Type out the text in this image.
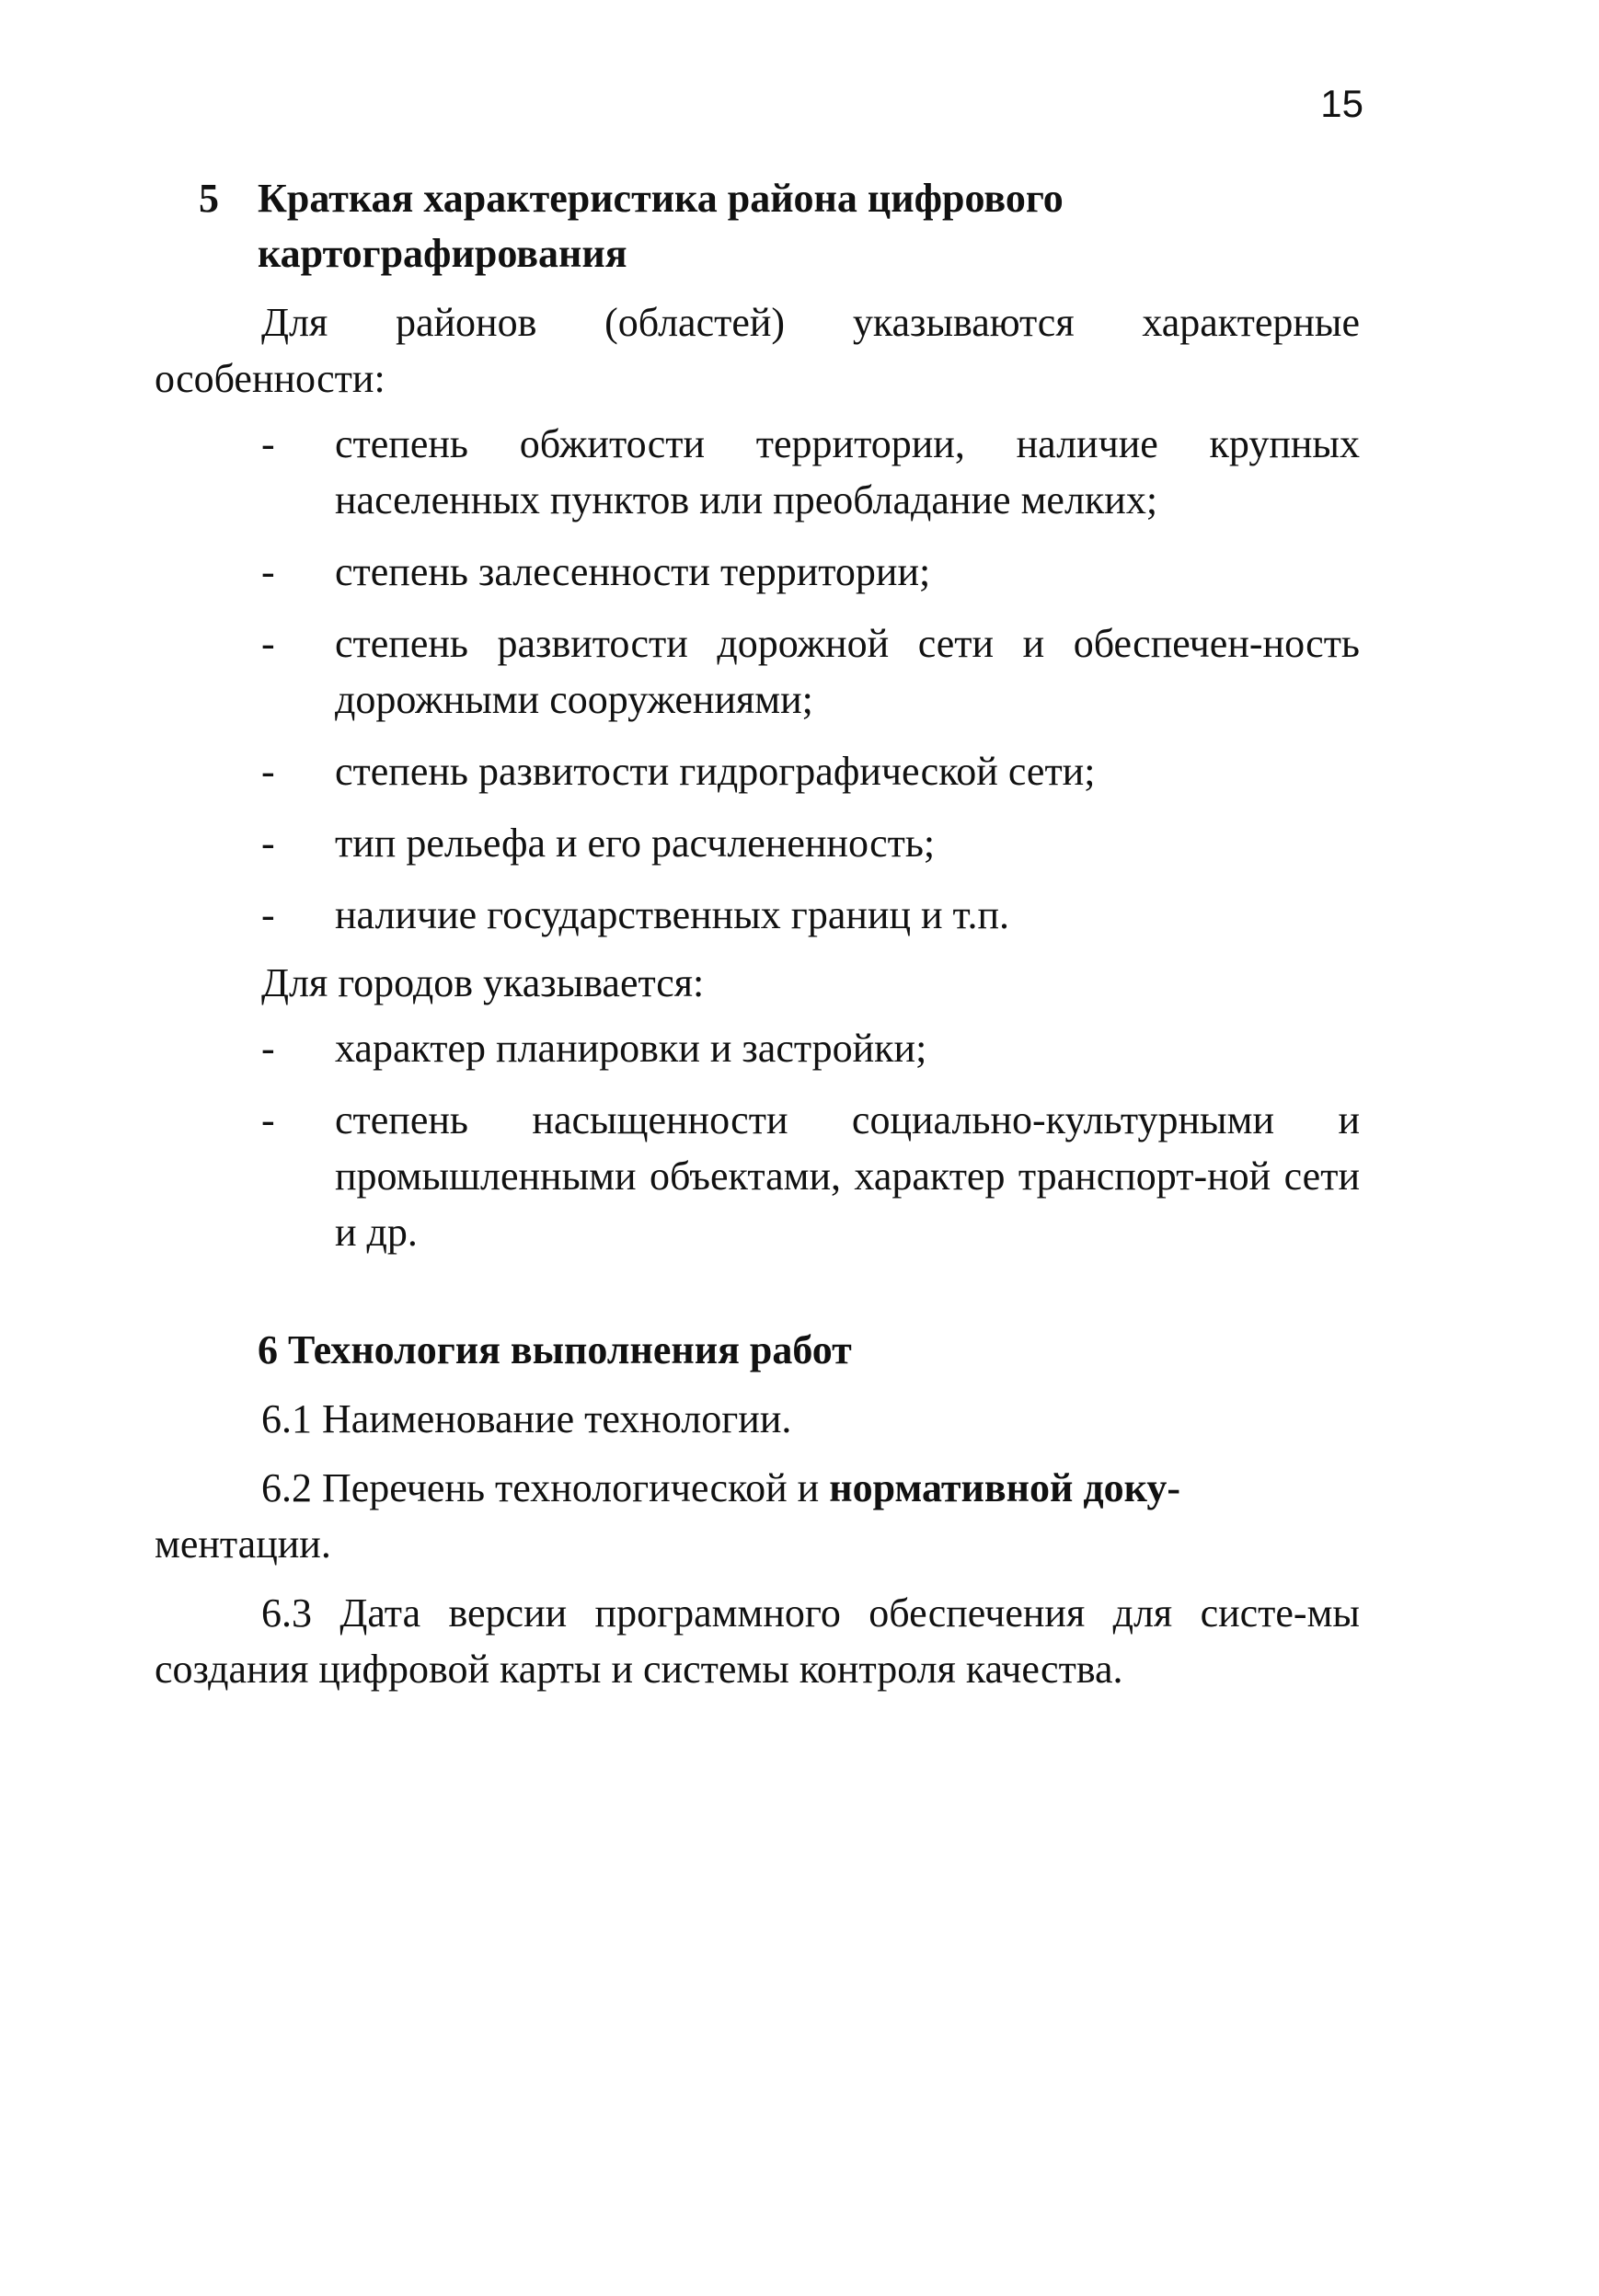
15
5 Краткая характеристика района цифрового картографирования

Для районов (областей) указываются характерные особенности:

- степень обжитости территории, наличие крупных населенных пунктов или преобладание мелких;
- степень залесенности территории;
- степень развитости дорожной сети и обеспечен-ность дорожными сооружениями;
- степень развитости гидрографической сети;
- тип рельефа и его расчлененность;
- наличие государственных границ и т.п.

Для городов указывается:

- характер планировки и застройки;
- степень насыщенности социально-культурными и промышленными объектами, характер транспорт-ной сети и др.
6 Технология выполнения работ

6.1 Наименование технологии.

6.2 Перечень технологической и нормативной доку-
ментации.

6.3 Дата версии программного обеспечения для систе-мы создания цифровой карты и системы контроля качества.
